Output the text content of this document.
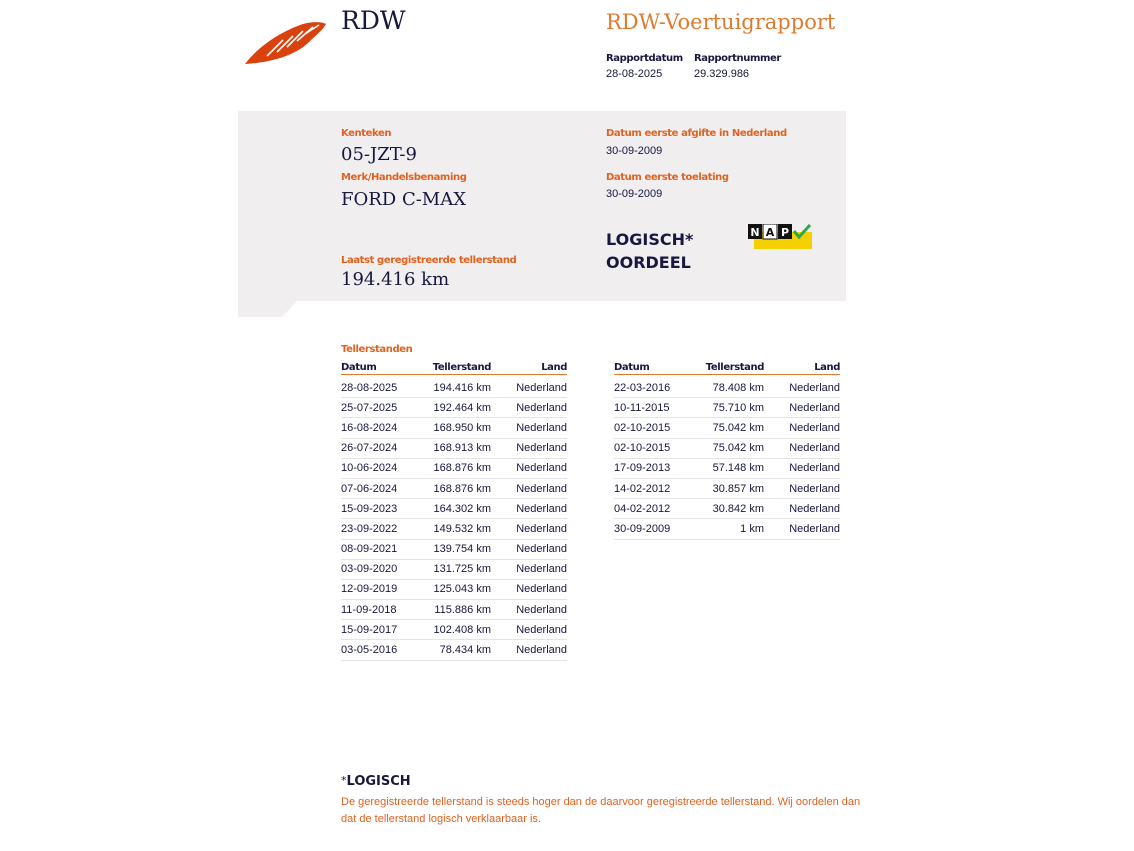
RDW	RDW-Voertuigrapport
Rapportdatum
28-08-2025
Rapportnummer
29.329.986
Kenteken
05-JZT-9
Merk/Handelsbenaming
FORD C-MAX
Datum eerste afgifte in Nederland
30-09-2009
Datum eerste toelating
30-09-2009
LOGISCH*
OORDEEL
N A P
Laatst geregistreerde tellerstand
194.416 km
Tellerstanden
Datum	Tellerstand	Land
28-08-2025	194.416 km	Nederland
25-07-2025	192.464 km	Nederland
16-08-2024	168.950 km	Nederland
26-07-2024	168.913 km	Nederland
10-06-2024	168.876 km	Nederland
07-06-2024	168.876 km	Nederland
15-09-2023	164.302 km	Nederland
23-09-2022	149.532 km	Nederland
08-09-2021	139.754 km	Nederland
03-09-2020	131.725 km	Nederland
12-09-2019	125.043 km	Nederland
11-09-2018	115.886 km	Nederland
15-09-2017	102.408 km	Nederland
03-05-2016	78.434 km	Nederland
Datum	Tellerstand	Land
22-03-2016	78.408 km	Nederland
10-11-2015	75.710 km	Nederland
02-10-2015	75.042 km	Nederland
02-10-2015	75.042 km	Nederland
17-09-2013	57.148 km	Nederland
14-02-2012	30.857 km	Nederland
04-02-2012	30.842 km	Nederland
30-09-2009	1 km	Nederland
*LOGISCH
De geregistreerde tellerstand is steeds hoger dan de daarvoor geregistreerde tellerstand. Wij oordelen dan dat de tellerstand logisch verklaarbaar is.
